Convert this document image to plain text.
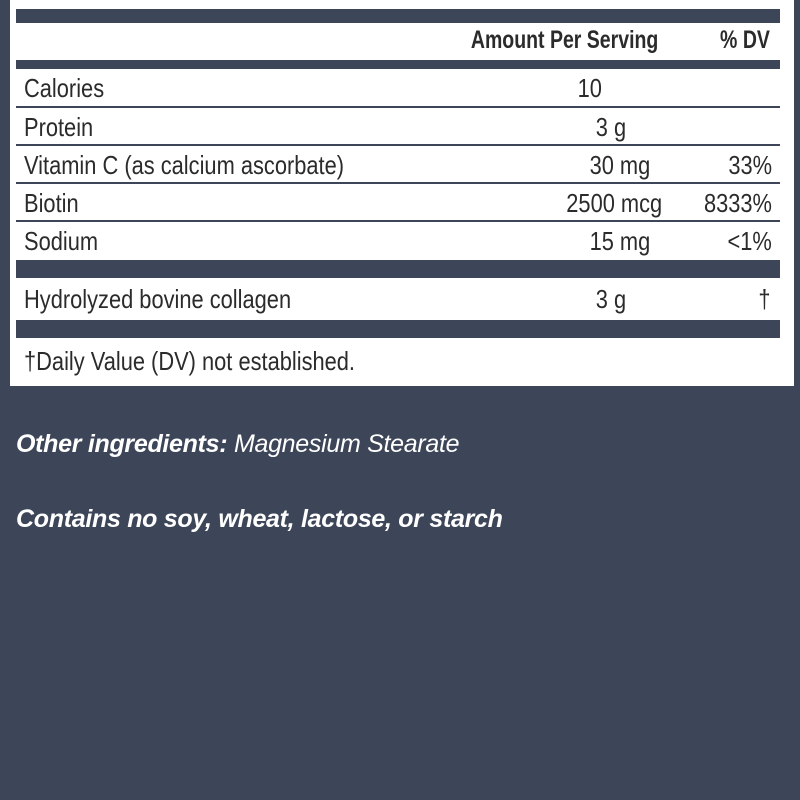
Amount Per Serving % DV
Calories	10
Protein	3 g
Vitamin C (as calcium ascorbate)	30 mg	33%
Biotin	2500 mcg 8333%
Sodium	15 mg	<1%
Hydrolyzed bovine collagen	3 g	†
†Daily Value (DV) not established.
Other ingredients: Magnesium Stearate
Contains no soy, wheat, lactose, or starch
